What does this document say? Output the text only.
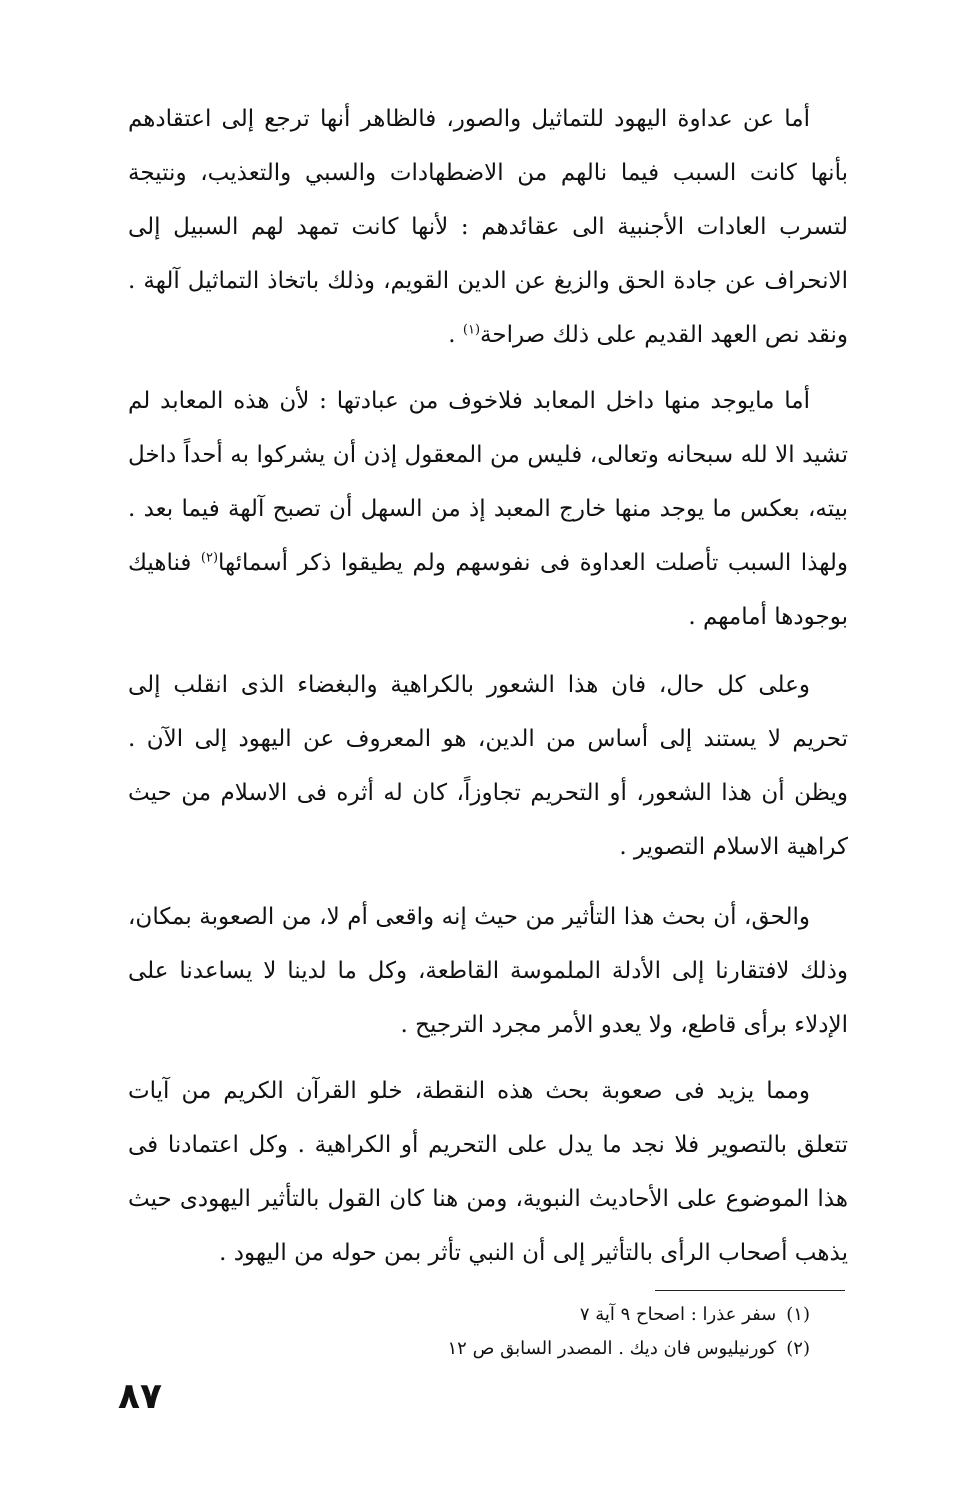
أما عن عداوة اليهود للتماثيل والصور، فالظاهر أنها ترجع إلى اعتقادهم بأنها كانت السبب فيما نالهم من الاضطهادات والسبي والتعذيب، ونتيجة لتسرب العادات الأجنبية الى عقائدهم : لأنها كانت تمهد لهم السبيل إلى الانحراف عن جادة الحق والزيغ عن الدين القويم، وذلك باتخاذ التماثيل آلهة . ونقد نص العهد القديم على ذلك صراحة$^{(١)}$ .

أما مايوجد منها داخل المعابد فلاخوف من عبادتها : لأن هذه المعابد لم تشيد الا لله سبحانه وتعالى، فليس من المعقول إذن أن يشركوا به أحداً داخل بيته، بعكس ما يوجد منها خارج المعبد إذ من السهل أن تصبح آلهة فيما بعد . ولهذا السبب تأصلت العداوة فى نفوسهم ولم يطيقوا ذكر أسمائها$^{(٢)}$ فناهيك بوجودها أمامهم .

وعلى كل حال، فان هذا الشعور بالكراهية والبغضاء الذى انقلب إلى تحريم لا يستند إلى أساس من الدين، هو المعروف عن اليهود إلى الآن . ويظن أن هذا الشعور، أو التحريم تجاوزاً، كان له أثره فى الاسلام من حيث كراهية الاسلام التصوير .

والحق، أن بحث هذا التأثير من حيث إنه واقعى أم لا، من الصعوبة بمكان، وذلك لافتقارنا إلى الأدلة الملموسة القاطعة، وكل ما لدينا لا يساعدنا على الإدلاء برأى قاطع، ولا يعدو الأمر مجرد الترجيح .

ومما يزيد فى صعوبة بحث هذه النقطة، خلو القرآن الكريم من آيات تتعلق بالتصوير فلا نجد ما يدل على التحريم أو الكراهية . وكل اعتمادنا فى هذا الموضوع على الأحاديث النبوية، ومن هنا كان القول بالتأثير اليهودى حيث يذهب أصحاب الرأى بالتأثير إلى أن النبي تأثر بمن حوله من اليهود .

(١)سفر عذرا : اصحاح ٩ آية ٧

(٢)كورنيليوس فان ديك . المصدر السابق ص ١٢

٨٧
